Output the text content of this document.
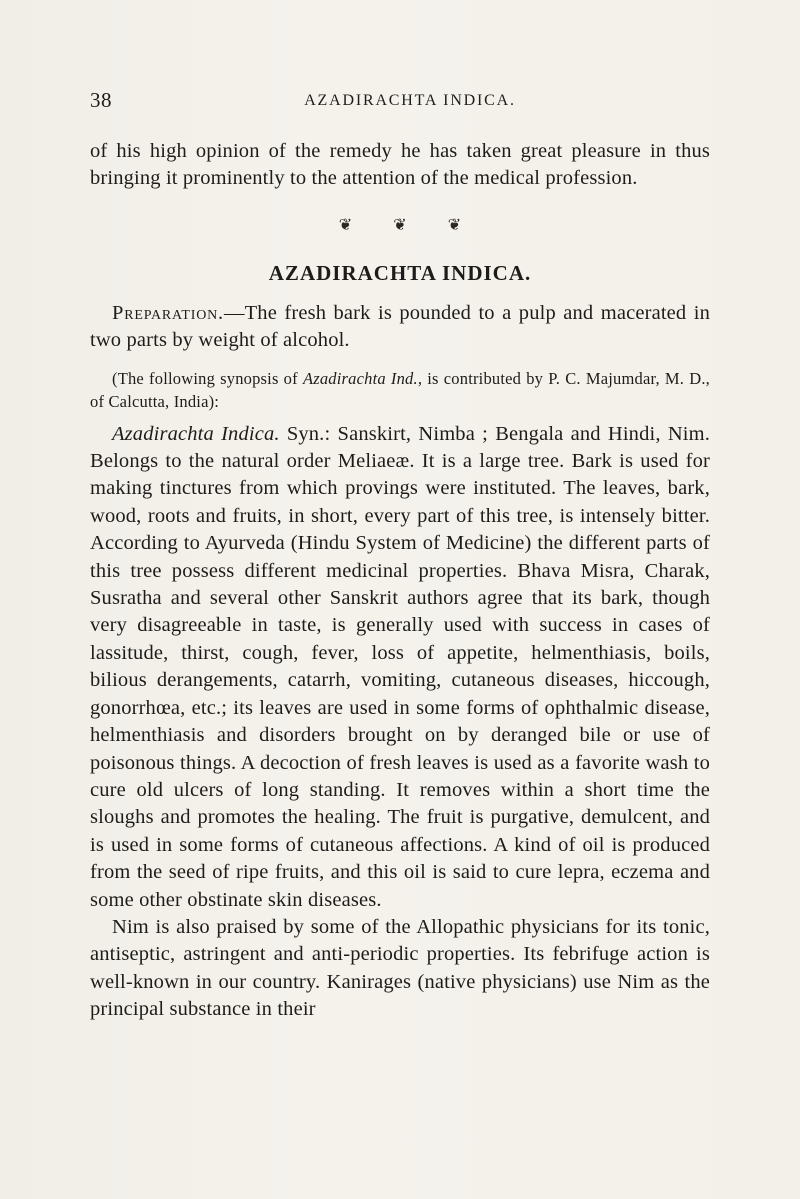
38	AZADIRACHTA INDICA.

of his high opinion of the remedy he has taken great pleasure in thus bringing it prominently to the attention of the medical profession.

❦ ❦ ❦
AZADIRACHTA INDICA.

Preparation.—The fresh bark is pounded to a pulp and macerated in two parts by weight of alcohol.

(The following synopsis of Azadirachta Ind., is contributed by P. C. Majumdar, M. D., of Calcutta, India):

Azadirachta Indica. Syn.: Sanskirt, Nimba ; Bengala and Hindi, Nim. Belongs to the natural order Meliaeæ. It is a large tree. Bark is used for making tinctures from which provings were instituted. The leaves, bark, wood, roots and fruits, in short, every part of this tree, is intensely bitter. According to Ayurveda (Hindu System of Medicine) the different parts of this tree possess different medicinal properties. Bhava Misra, Charak, Susratha and several other Sanskrit authors agree that its bark, though very disagreeable in taste, is generally used with success in cases of lassitude, thirst, cough, fever, loss of appetite, helmenthiasis, boils, bilious derangements, catarrh, vomiting, cutaneous diseases, hiccough, gonorrhœa, etc.; its leaves are used in some forms of ophthalmic disease, helmenthiasis and disorders brought on by deranged bile or use of poisonous things. A decoction of fresh leaves is used as a favorite wash to cure old ulcers of long standing. It removes within a short time the sloughs and promotes the healing. The fruit is purgative, demulcent, and is used in some forms of cutaneous affections. A kind of oil is produced from the seed of ripe fruits, and this oil is said to cure lepra, eczema and some other obstinate skin diseases.

Nim is also praised by some of the Allopathic physicians for its tonic, antiseptic, astringent and anti-periodic properties. Its febrifuge action is well-known in our country. Kanirages (native physicians) use Nim as the principal substance in their
